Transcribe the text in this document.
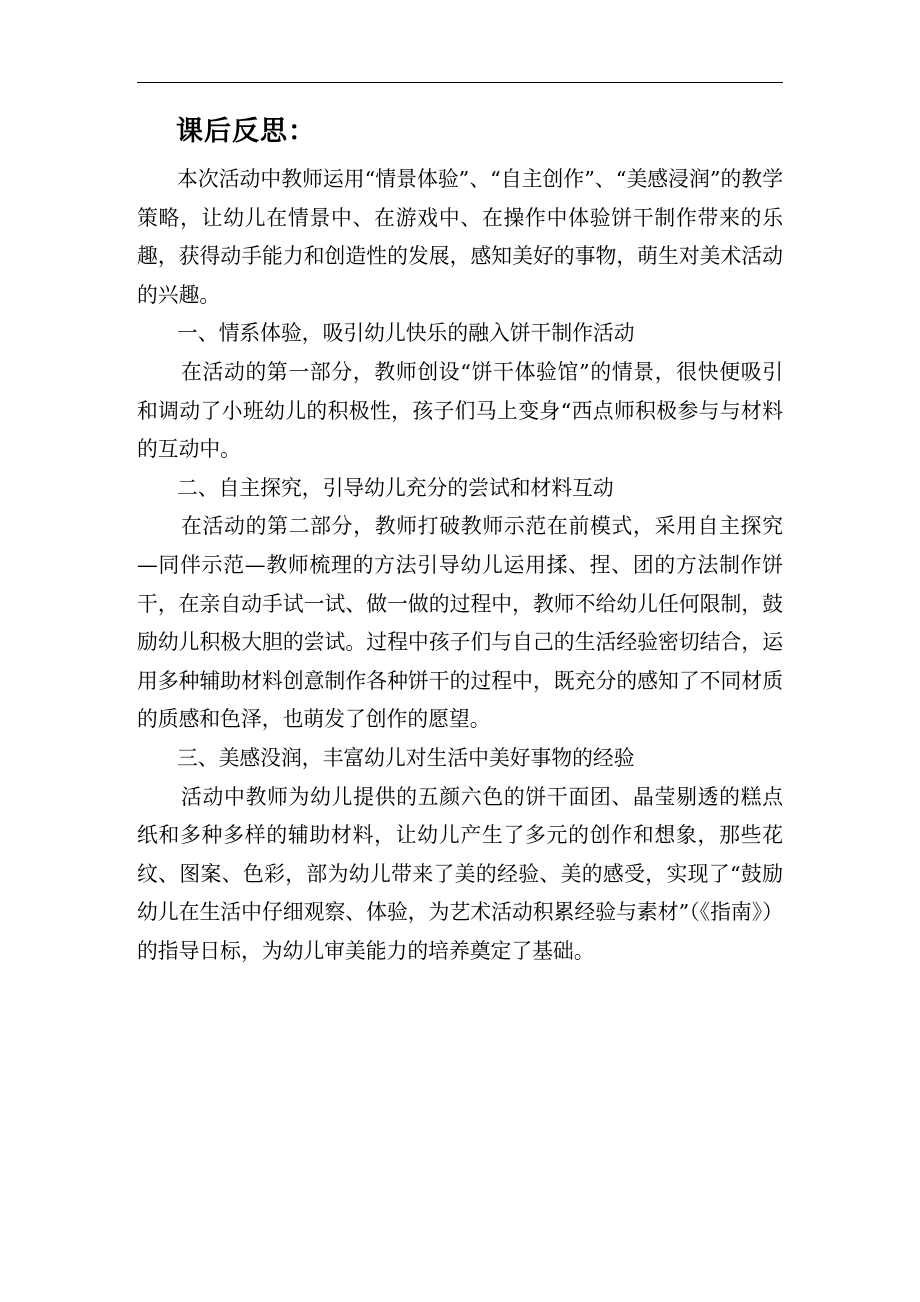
课后反思：

本次活动中教师运用“情景体验”、“自主创作”、“美感浸润”的教学策略，让幼儿在情景中、在游戏中、在操作中体验饼干制作带来的乐趣，获得动手能力和创造性的发展，感知美好的事物，萌生对美术活动的兴趣。

一、情系体验，吸引幼儿快乐的融入饼干制作活动

在活动的第一部分，教师创设“饼干体验馆”的情景，很快便吸引和调动了小班幼儿的积极性，孩子们马上变身“西点师积极参与与材料的互动中。

二、自主探究，引导幼儿充分的尝试和材料互动

在活动的第二部分，教师打破教师示范在前模式，采用自主探究—同伴示范—教师梳理的方法引导幼儿运用揉、捏、团的方法制作饼干，在亲自动手试一试、做一做的过程中，教师不给幼儿任何限制，鼓励幼儿积极大胆的尝试。过程中孩子们与自己的生活经验密切结合，运用多种辅助材料创意制作各种饼干的过程中，既充分的感知了不同材质的质感和色泽，也萌发了创作的愿望。

三、美感没润，丰富幼儿对生活中美好事物的经验

活动中教师为幼儿提供的五颜六色的饼干面团、晶莹剔透的糕点纸和多种多样的辅助材料，让幼儿产生了多元的创作和想象，那些花纹、图案、色彩，部为幼儿带来了美的经验、美的感受，实现了“鼓励幼儿在生活中仔细观察、体验，为艺术活动积累经验与素材”（《指南》）的指导日标，为幼儿审美能力的培养奠定了基础。
